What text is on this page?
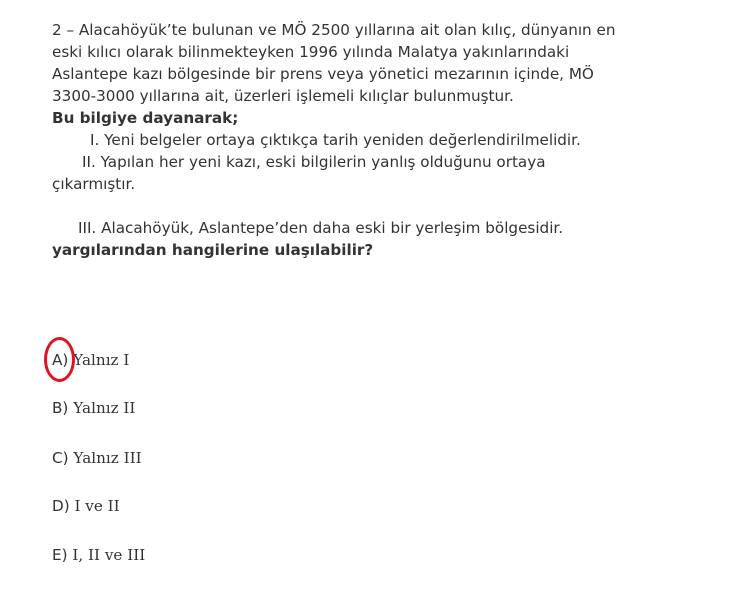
2 – Alacahöyük’te bulunan ve MÖ 2500 yıllarına ait olan kılıç, dünyanın en
eski kılıcı olarak bilinmekteyken 1996 yılında Malatya yakınlarındaki
Aslantepe kazı bölgesinde bir prens veya yönetici mezarının içinde, MÖ
3300-3000 yıllarına ait, üzerleri işlemeli kılıçlar bulunmuştur.
Bu bilgiye dayanarak;
I. Yeni belgeler ortaya çıktıkça tarih yeniden değerlendirilmelidir.
II. Yapılan her yeni kazı, eski bilgilerin yanlış olduğunu ortaya
çıkarmıştır.
III. Alacahöyük, Aslantepe’den daha eski bir yerleşim bölgesidir.
yargılarından hangilerine ulaşılabilir?
A) Yalnız I
B) Yalnız II
C) Yalnız III
D) I ve II
E) I, II ve III
